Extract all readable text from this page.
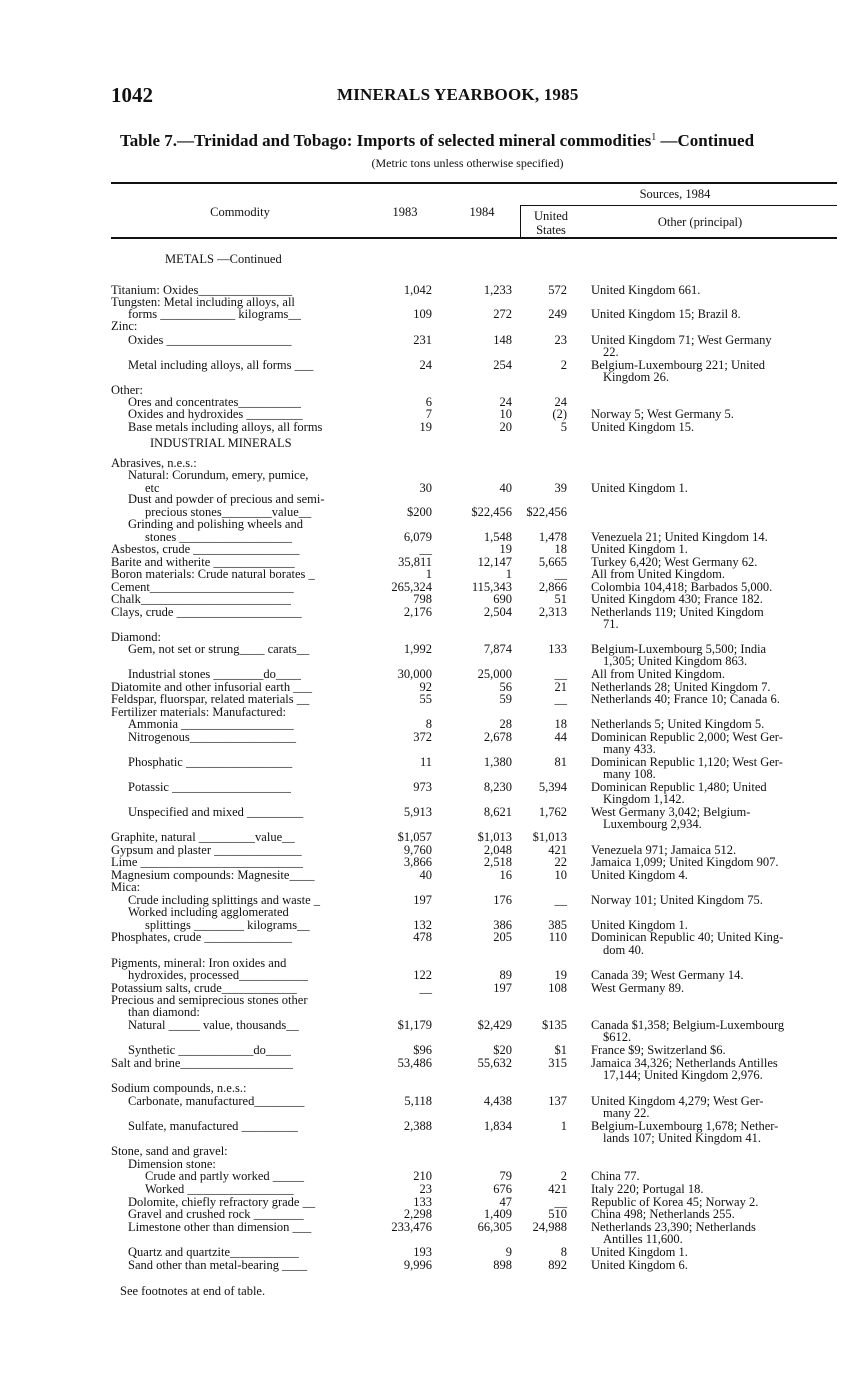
1042	MINERALS YEARBOOK, 1985
Table 7.—Trinidad and Tobago: Imports of selected mineral commodities$^1$ —Continued
(Metric tons unless otherwise specified)
Commodity	1983	1984
Sources, 1984
United
States
Other (principal)
METALS —Continued
Titanium: Oxides_______________	1,042	1,233	572 United Kingdom 661.
Tungsten: Metal including alloys, all
forms ____________ kilograms__	109	272	249 United Kingdom 15; Brazil 8.
Zinc:
Oxides ____________________	231	148	23 United Kingdom 71; West Germany
22.
Metal including alloys, all forms ___	24	254	2 Belgium-Luxembourg 221; United
Kingdom 26.
Other:
Ores and concentrates__________	6	24	24
Oxides and hydroxides _________	7	10	(2) Norway 5; West Germany 5.
Base metals including alloys, all forms	19	20	5 United Kingdom 15.
INDUSTRIAL MINERALS
Abrasives, n.e.s.:
Natural: Corundum, emery, pumice,
etc	30	40	39 United Kingdom 1.
Dust and powder of precious and semi-
precious stones________value__	$200	$22,456 $22,456
Grinding and polishing wheels and
stones __________________	6,079	1,548 1,478 Venezuela 21; United Kingdom 14.
Asbestos, crude _________________	__	19	18 United Kingdom 1.
Barite and witherite _____________	35,811	12,147 5,665 Turkey 6,420; West Germany 62.
Boron materials: Crude natural borates _	1	1	__ All from United Kingdom.
Cement_______________________	265,324	115,343 2,866 Colombia 104,418; Barbados 5,000.
Chalk________________________	798	690	51 United Kingdom 430; France 182.
Clays, crude ____________________	2,176	2,504 2,313 Netherlands 119; United Kingdom
71.
Diamond:
Gem, not set or strung____ carats__	1,992	7,874	133 Belgium-Luxembourg 5,500; India
1,305; United Kingdom 863.
Industrial stones ________do____	30,000	25,000	__ All from United Kingdom.
Diatomite and other infusorial earth ___	92	56	21 Netherlands 28; United Kingdom 7.
Feldspar, fluorspar, related materials __	55	59	__ Netherlands 40; France 10; Canada 6.
Fertilizer materials: Manufactured:
Ammonia __________________	8	28	18 Netherlands 5; United Kingdom 5.
Nitrogenous_________________	372	2,678	44 Dominican Republic 2,000; West Ger-
many 433.
Phosphatic _________________	11	1,380	81 Dominican Republic 1,120; West Ger-
many 108.
Potassic ___________________	973	8,230 5,394 Dominican Republic 1,480; United
Kingdom 1,142.
Unspecified and mixed _________	5,913	8,621 1,762 West Germany 3,042; Belgium-
Luxembourg 2,934.
Graphite, natural _________value__	$1,057	$1,013 $1,013
Gypsum and plaster ______________	9,760	2,048	421 Venezuela 971; Jamaica 512.
Lime __________________________	3,866	2,518	22 Jamaica 1,099; United Kingdom 907.
Magnesium compounds: Magnesite____	40	16	10 United Kingdom 4.
Mica:
Crude including splittings and waste _	197	176	__ Norway 101; United Kingdom 75.
Worked including agglomerated
splittings ________ kilograms__	132	386	385 United Kingdom 1.
Phosphates, crude ______________	478	205	110 Dominican Republic 40; United King-
dom 40.
Pigments, mineral: Iron oxides and
hydroxides, processed___________	122	89	19 Canada 39; West Germany 14.
Potassium salts, crude____________	__	197	108 West Germany 89.
Precious and semiprecious stones other
than diamond:
Natural _____ value, thousands__	$1,179	$2,429 $135 Canada $1,358; Belgium-Luxembourg
$612.
Synthetic ____________do____	$96	$20	$1 France $9; Switzerland $6.
Salt and brine__________________	53,486	55,632	315 Jamaica 34,326; Netherlands Antilles
17,144; United Kingdom 2,976.
Sodium compounds, n.e.s.:
Carbonate, manufactured________	5,118	4,438	137 United Kingdom 4,279; West Ger-
many 22.
Sulfate, manufactured _________	2,388	1,834	1 Belgium-Luxembourg 1,678; Nether-
lands 107; United Kingdom 41.
Stone, sand and gravel:
Dimension stone:
Crude and partly worked _____	210	79	2 China 77.
Worked _________________	23	676	421 Italy 220; Portugal 18.
Dolomite, chiefly refractory grade __	133	47	__ Republic of Korea 45; Norway 2.
Gravel and crushed rock ________	2,298	1,409	510 China 498; Netherlands 255.
Limestone other than dimension ___	233,476	66,305 24,988 Netherlands 23,390; Netherlands
Antilles 11,600.
Quartz and quartzite___________	193	9	8 United Kingdom 1.
Sand other than metal-bearing ____	9,996	898	892 United Kingdom 6.
See footnotes at end of table.
